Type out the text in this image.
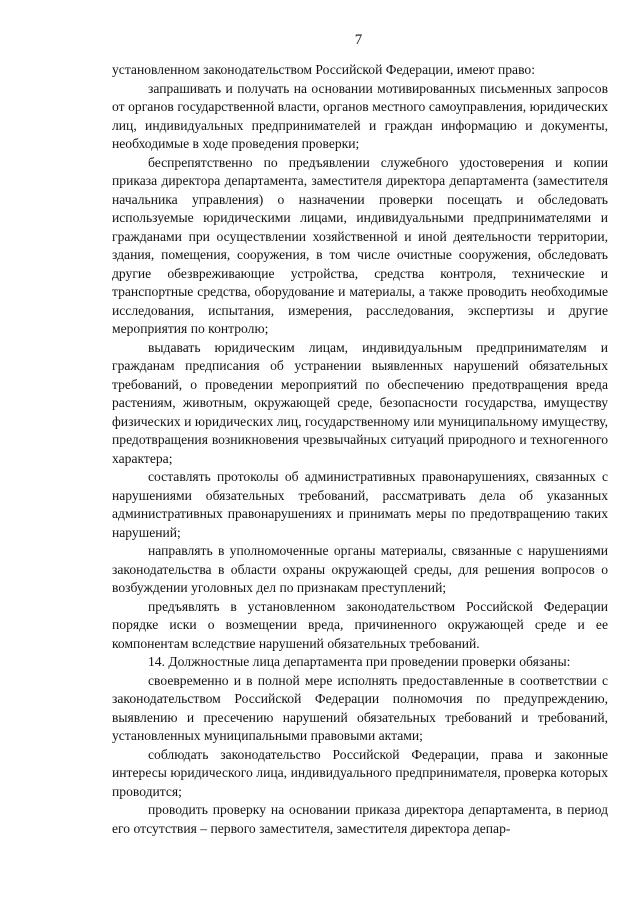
7

установленном законодательством Российской Федерации, имеют право:

запрашивать и получать на основании мотивированных письменных запросов от органов государственной власти, органов местного самоуправления, юридических лиц, индивидуальных предпринимателей и граждан информацию и документы, необходимые в ходе проведения проверки;

беспрепятственно по предъявлении служебного удостоверения и копии приказа директора департамента, заместителя директора департамента (заместителя начальника управления) о назначении проверки посещать и обследовать используемые юридическими лицами, индивидуальными предпринимателями и гражданами при осуществлении хозяйственной и иной деятельности территории, здания, помещения, сооружения, в том числе очистные сооружения, обследовать другие обезвреживающие устройства, средства контроля, технические и транспортные средства, оборудование и материалы, а также проводить необходимые исследования, испытания, измерения, расследования, экспертизы и другие мероприятия по контролю;

выдавать юридическим лицам, индивидуальным предпринимателям и гражданам предписания об устранении выявленных нарушений обязательных требований, о проведении мероприятий по обеспечению предотвращения вреда растениям, животным, окружающей среде, безопасности государства, имуществу физических и юридических лиц, государственному или муниципальному имуществу, предотвращения возникновения чрезвычайных ситуаций природного и техногенного характера;

составлять протоколы об административных правонарушениях, связанных с нарушениями обязательных требований, рассматривать дела об указанных административных правонарушениях и принимать меры по предотвращению таких нарушений;

направлять в уполномоченные органы материалы, связанные с нарушениями законодательства в области охраны окружающей среды, для решения вопросов о возбуждении уголовных дел по признакам преступлений;

предъявлять в установленном законодательством Российской Федерации порядке иски о возмещении вреда, причиненного окружающей среде и ее компонентам вследствие нарушений обязательных требований.

14. Должностные лица департамента при проведении проверки обязаны:

своевременно и в полной мере исполнять предоставленные в соответствии с законодательством Российской Федерации полномочия по предупреждению, выявлению и пресечению нарушений обязательных требований и требований, установленных муниципальными правовыми актами;

соблюдать законодательство Российской Федерации, права и законные интересы юридического лица, индивидуального предпринимателя, проверка которых проводится;

проводить проверку на основании приказа директора департамента, в период его отсутствия – первого заместителя, заместителя директора депар-
